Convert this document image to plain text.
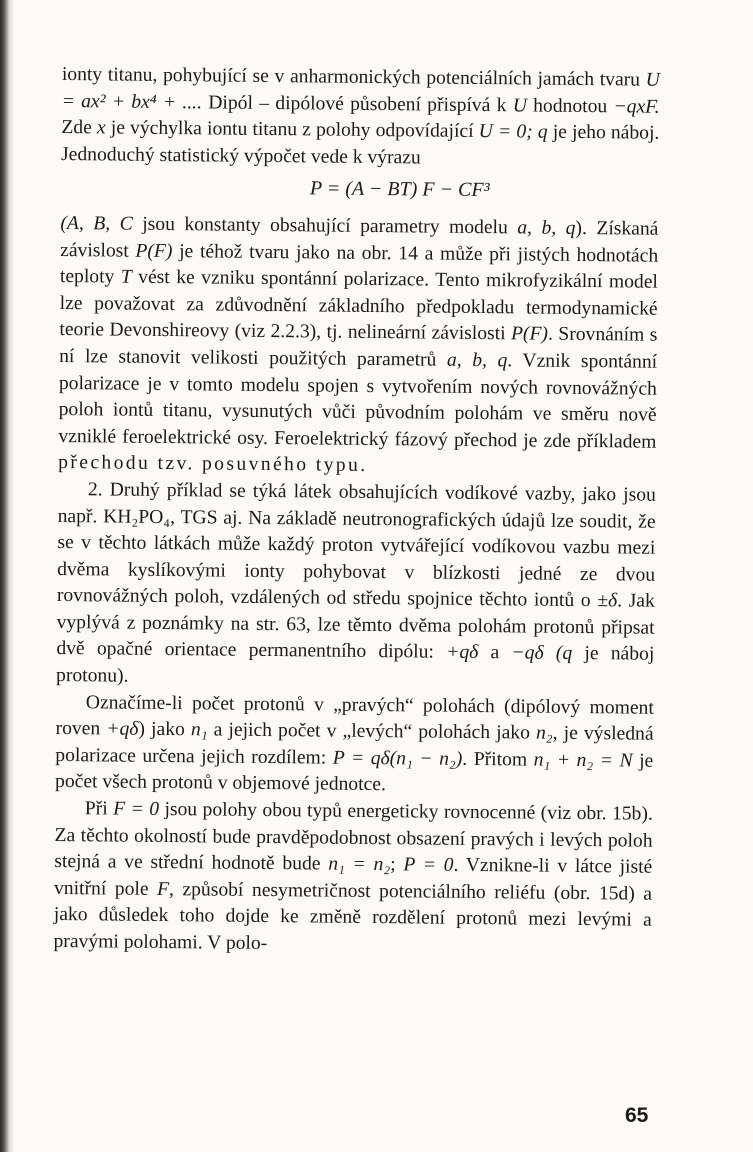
ionty titanu, pohybující se v anharmonických potenciálních jamách tvaru U = ax² + bx⁴ + .... Dipól – dipólové působení přispívá k U hodnotou −qxF. Zde x je výchylka iontu titanu z polohy odpovídající U = 0; q je jeho náboj. Jednoduchý statistický výpočet vede k výrazu

P = (A − BT) F − CF³

(A, B, C jsou konstanty obsahující parametry modelu a, b, q). Získaná závislost P(F) je téhož tvaru jako na obr. 14 a může při jistých hodnotách teploty T vést ke vzniku spontánní polarizace. Tento mikrofyzikální model lze považovat za zdůvodnění základního předpokladu termodynamické teorie Devonshireovy (viz 2.2.3), tj. nelineární závislosti P(F). Srovnáním s ní lze stanovit velikosti použitých parametrů a, b, q. Vznik spontánní polarizace je v tomto modelu spojen s vytvořením nových rovnovážných poloh iontů titanu, vysunutých vůči původním polohám ve směru nově vzniklé feroelektrické osy. Feroelektrický fázový přechod je zde příkladem přechodu tzv. posuvného typu.

2. Druhý příklad se týká látek obsahujících vodíkové vazby, jako jsou např. KH₂PO₄, TGS aj. Na základě neutronografických údajů lze soudit, že se v těchto látkách může každý proton vytvářející vodíkovou vazbu mezi dvěma kyslíkovými ionty pohybovat v blízkosti jedné ze dvou rovnovážných poloh, vzdálených od středu spojnice těchto iontů o ±δ. Jak vyplývá z poznámky na str. 63, lze těmto dvěma polohám protonů připsat dvě opačné orientace permanentního dipólu: +qδ a −qδ (q je náboj protonu).

Označíme-li počet protonů v „pravých“ polohách (dipólový moment roven +qδ) jako n₁ a jejich počet v „levých“ polohách jako n₂, je výsledná polarizace určena jejich rozdílem: P = qδ(n₁ − n₂). Přitom n₁ + n₂ = N je počet všech protonů v objemové jednotce.

Při F = 0 jsou polohy obou typů energeticky rovnocenné (viz obr. 15b). Za těchto okolností bude pravděpodobnost obsazení pravých i levých poloh stejná a ve střední hodnotě bude n₁ = n₂; P = 0. Vznikne-li v látce jisté vnitřní pole F, způsobí nesymetričnost potenciálního reliéfu (obr. 15d) a jako důsledek toho dojde ke změně rozdělení protonů mezi levými a pravými polohami. V polo-

65
